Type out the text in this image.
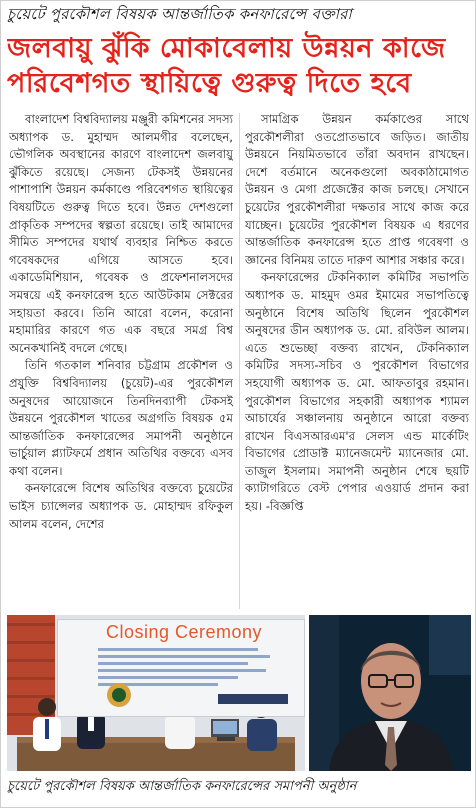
চুয়েটে পুরকৌশল বিষয়ক আন্তর্জাতিক কনফারেন্সে বক্তারা
জলবায়ু ঝুঁকি মোকাবেলায় উন্নয়ন কাজে
পরিবেশগত স্থায়িত্বে গুরুত্ব দিতে হবে

বাংলাদেশ বিশ্ববিদ্যালয় মঞ্জুরী কমিশনের সদস্য অধ্যাপক ড. মুহাম্মদ আলমগীর বলেছেন, ভৌগলিক অবস্থানের কারণে বাংলাদেশ জলবায়ু ঝুঁকিতে রয়েছে। সেজন্য টেকসই উন্নয়নের পাশাপাশি উন্নয়ন কর্মকাণ্ডে পরিবেশগত স্থায়িত্বের বিষয়টিতে গুরুত্ব দিতে হবে। উন্নত দেশগুলো প্রাকৃতিক সম্পদের স্বল্পতা রয়েছে। তাই আমাদের সীমিত সম্পদের যথার্থ ব্যবহার নিশ্চিত করতে গবেষকদের এগিয়ে আসতে হবে। একাডেমিশিয়ান, গবেষক ও প্রফেশনালসদের সমন্বয়ে এই কনফারেন্স হতে আউটকাম সেক্টরের সহায়তা করবে। তিনি আরো বলেন, করোনা মহামারির কারণে গত এক বছরে সমগ্র বিশ্ব অনেকখানিই বদলে গেছে।

তিনি গতকাল শনিবার চট্টগ্রাম প্রকৌশল ও প্রযুক্তি বিশ্ববিদ্যালয় (চুয়েট)-এর পুরকৌশল অনুষদের আয়োজনে তিনদিনব্যাপী টেকসই উন্নয়নে পুরকৌশল খাতের অগ্রগতি বিষয়ক ৫ম আন্তর্জাতিক কনফারেন্সের সমাপনী অনুষ্ঠানে ভার্চুয়াল প্ল্যাটফর্মে প্রধান অতিথির বক্তব্যে এসব কথা বলেন।

কনফারেন্সে বিশেষ অতিথির বক্তব্যে চুয়েটের ভাইস চ্যান্সেলর অধ্যাপক ড. মোহাম্মদ রফিকুল আলম বলেন, দেশের

সামগ্রিক উন্নয়ন কর্মকাণ্ডের সাথে পুরকৌশলীরা ওতপ্রোতভাবে জড়িত। জাতীয় উন্নয়নে নিয়মিতভাবে তাঁরা অবদান রাখছেন। দেশে বর্তমানে অনেকগুলো অবকাঠামোগত উন্নয়ন ও মেগা প্রজেক্টের কাজ চলছে। সেখানে চুয়েটের পুরকৌশলীরা দক্ষতার সাথে কাজ করে যাচ্ছেন। চুয়েটের পুরকৌশল বিষয়ক এ ধরণের আন্তর্জাতিক কনফারেন্স হতে প্রাপ্ত গবেষণা ও জ্ঞানের বিনিময় তাতে দারুণ আশার সঞ্চার করে।

কনফারেন্সের টেকনিক্যাল কমিটির সভাপতি অধ্যাপক ড. মাহমুদ ওমর ইমামের সভাপতিত্বে অনুষ্ঠানে বিশেষ অতিথি ছিলেন পুরকৌশল অনুষদের ডীন অধ্যাপক ড. মো. রবিউল আলম। এতে শুভেচ্ছা বক্তব্য রাখেন, টেকনিক্যাল কমিটির সদস্য-সচিব ও পুরকৌশল বিভাগের সহযোগী অধ্যাপক ড. মো. আফতাবুর রহমান। পুরকৌশল বিভাগের সহকারী অধ্যাপক শ্যামল আচার্যের সঞ্চালনায় অনুষ্ঠানে আরো বক্তব্য রাখেন বিএসআরএম'র সেলস এন্ড মার্কেটিং বিভাগের প্রোডাক্ট ম্যানেজমেন্ট ম্যানেজার মো. তাজুল ইসলাম। সমাপনী অনুষ্ঠান শেষে ছয়টি ক্যাটাগরিতে বেস্ট পেপার এওয়ার্ড প্রদান করা হয়। -বিজ্ঞপ্তি

Closing Ceremony
চুয়েটে পুরকৌশল বিষয়ক আন্তর্জাতিক কনফারেন্সের সমাপনী অনুষ্ঠান
